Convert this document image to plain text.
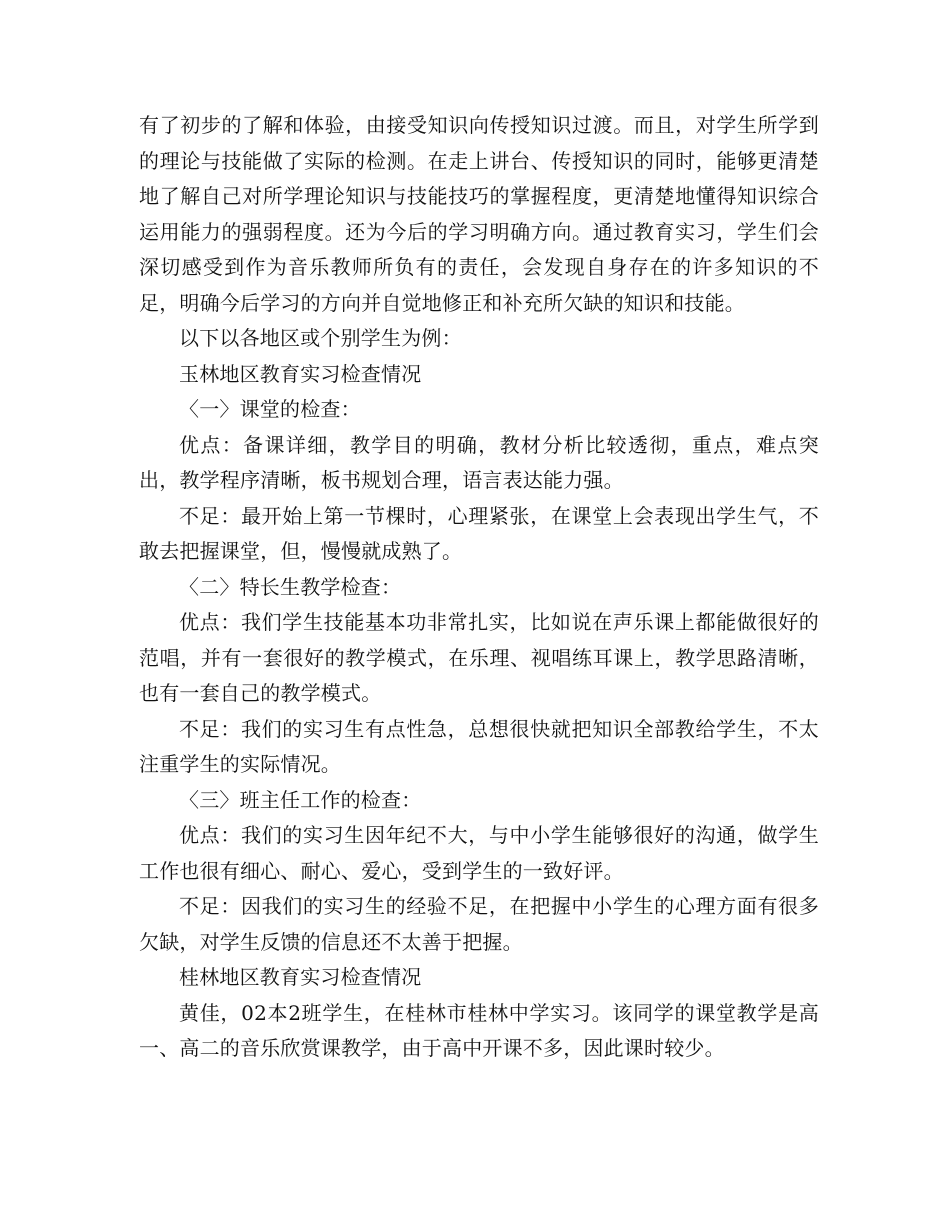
有了初步的了解和体验，由接受知识向传授知识过渡。而且，对学生所学到的理论与技能做了实际的检测。在走上讲台、传授知识的同时，能够更清楚地了解自己对所学理论知识与技能技巧的掌握程度，更清楚地懂得知识综合运用能力的强弱程度。还为今后的学习明确方向。通过教育实习，学生们会深切感受到作为音乐教师所负有的责任，会发现自身存在的许多知识的不足，明确今后学习的方向并自觉地修正和补充所欠缺的知识和技能。

以下以各地区或个别学生为例：

玉林地区教育实习检查情况

〈一〉课堂的检查：

优点：备课详细，教学目的明确，教材分析比较透彻，重点，难点突出，教学程序清晰，板书规划合理，语言表达能力强。

不足：最开始上第一节棵时，心理紧张，在课堂上会表现出学生气，不敢去把握课堂，但，慢慢就成熟了。

〈二〉特长生教学检查：

优点：我们学生技能基本功非常扎实，比如说在声乐课上都能做很好的范唱，并有一套很好的教学模式，在乐理、视唱练耳课上，教学思路清晰，也有一套自己的教学模式。

不足：我们的实习生有点性急，总想很快就把知识全部教给学生，不太注重学生的实际情况。

〈三〉班主任工作的检查：

优点：我们的实习生因年纪不大，与中小学生能够很好的沟通，做学生工作也很有细心、耐心、爱心，受到学生的一致好评。

不足：因我们的实习生的经验不足，在把握中小学生的心理方面有很多欠缺，对学生反馈的信息还不太善于把握。

桂林地区教育实习检查情况

黄佳，02本2班学生，在桂林市桂林中学实习。该同学的课堂教学是高一、高二的音乐欣赏课教学，由于高中开课不多，因此课时较少。
